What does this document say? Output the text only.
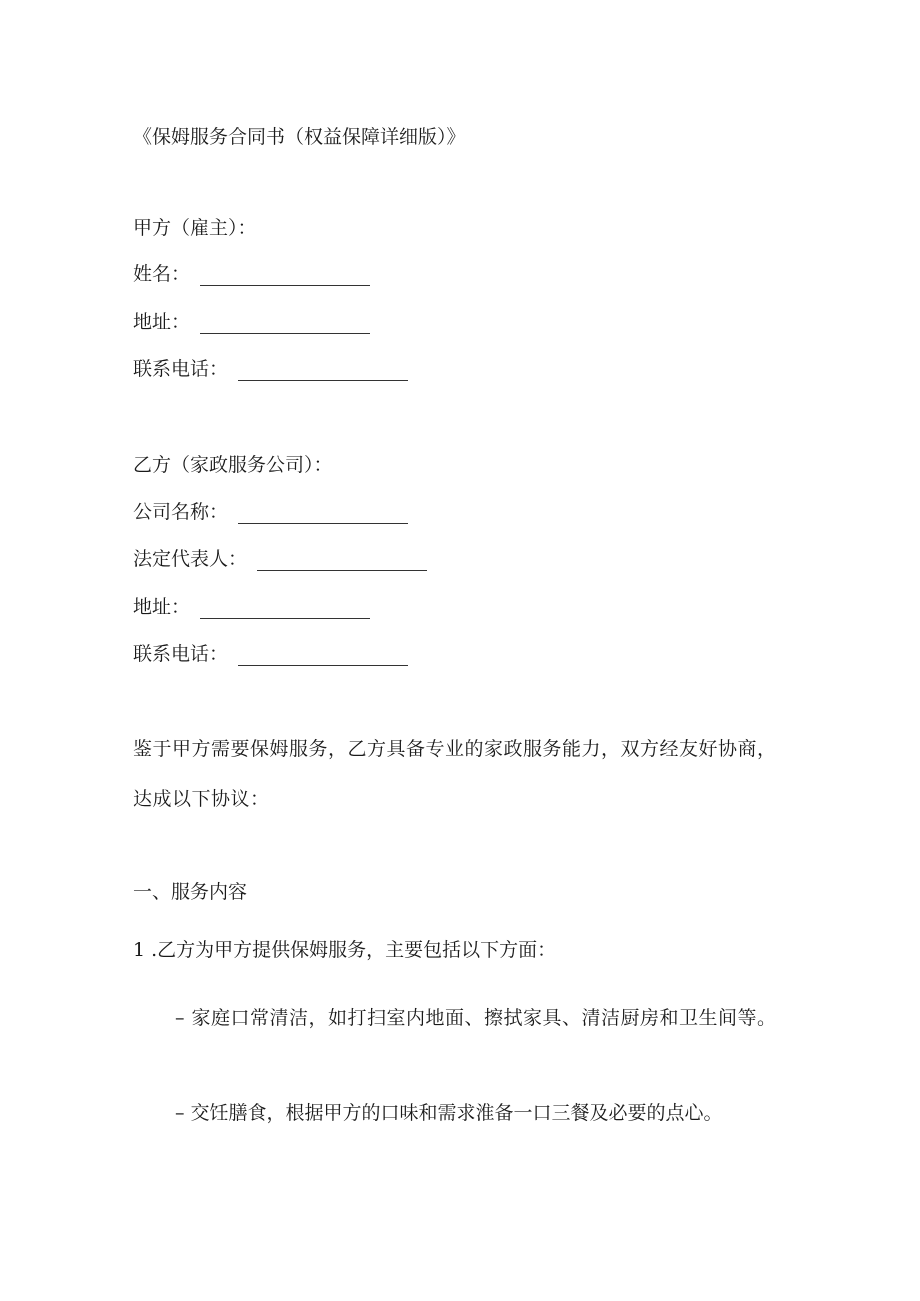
《保姆服务合同书（权益保障详细版）》

甲方（雇主）：

姓名：

地址：

联系电话：

乙方（家政服务公司）：

公司名称：

法定代表人：

地址：

联系电话：

鉴于甲方需要保姆服务，乙方具备专业的家政服务能力，双方经友好协商，达成以下协议：

一、服务内容

1 .乙方为甲方提供保姆服务，主要包括以下方面：

– 家庭口常清洁，如打扫室内地面、擦拭家具、清洁厨房和卫生间等。

– 交饪膳食，根据甲方的口味和需求淮备一口三餐及必要的点心。
